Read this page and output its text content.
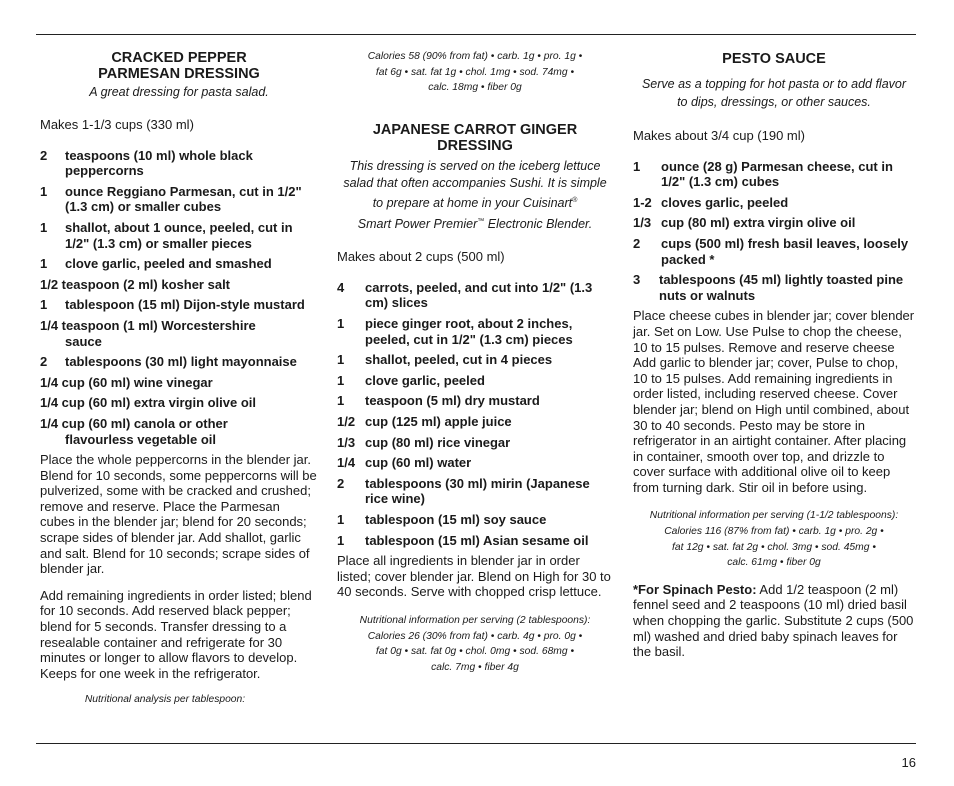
CRACKED PEPPER
PARMESAN DRESSING

A great dressing for pasta salad.

Makes 1-1/3 cups (330 ml)

2	teaspoons (10 ml) whole black peppercorns
1	ounce Reggiano Parmesan, cut in 1/2" (1.3 cm) or smaller cubes
1	shallot, about 1 ounce, peeled, cut in 1/2" (1.3 cm) or smaller pieces
1	clove garlic, peeled and smashed
1/2 teaspoon (2 ml) kosher salt
1	tablespoon (15 ml) Dijon-style mustard
1/4 teaspoon (1 ml) Worcestershire
sauce
2	tablespoons (30 ml) light mayonnaise
1/4 cup (60 ml) wine vinegar
1/4 cup (60 ml) extra virgin olive oil
1/4 cup (60 ml) canola or other
flavourless vegetable oil

Place the whole peppercorns in the blender jar. Blend for 10 seconds, some peppercorns will be pulverized, some with be cracked and crushed; remove and reserve. Place the Parmesan cubes in the blender jar; blend for 20 seconds; scrape sides of blender jar. Add shallot, garlic and salt. Blend for 10 seconds; scrape sides of blender jar.

Add remaining ingredients in order listed; blend for 10 seconds. Add reserved black pepper; blend for 5 seconds. Transfer dressing to a resealable container and refrigerate for 30 minutes or longer to allow flavors to develop. Keeps for one week in the refrigerator.

Nutritional analysis per tablespoon:

Calories 58 (90% from fat) • carb. 1g • pro. 1g •
fat 6g • sat. fat 1g • chol. 1mg • sod. 74mg •
calc. 18mg • fiber 0g

JAPANESE CARROT GINGER
DRESSING

This dressing is served on the iceberg lettuce
salad that often accompanies Sushi. It is simple
to prepare at home in your Cuisinart®
Smart Power Premier™ Electronic Blender.

Makes about 2 cups (500 ml)

4	carrots, peeled, and cut into 1/2" (1.3 cm) slices
1	piece ginger root, about 2 inches, peeled, cut in 1/2" (1.3 cm) pieces
1	shallot, peeled, cut in 4 pieces
1	clove garlic, peeled
1	teaspoon (5 ml) dry mustard
1/2 cup (125 ml) apple juice
1/3 cup (80 ml) rice vinegar
1/4 cup (60 ml) water
2	tablespoons (30 ml) mirin (Japanese rice wine)
1	tablespoon (15 ml) soy sauce
1	tablespoon (15 ml) Asian sesame oil

Place all ingredients in blender jar in order listed; cover blender jar. Blend on High for 30 to 40 seconds. Serve with chopped crisp lettuce.

Nutritional information per serving (2 tablespoons):
Calories 26 (30% from fat) • carb. 4g • pro. 0g •
fat 0g • sat. fat 0g • chol. 0mg • sod. 68mg •
calc. 7mg • fiber 4g

PESTO SAUCE

Serve as a topping for hot pasta or to add flavor
to dips, dressings, or other sauces.

Makes about 3/4 cup (190 ml)

1	ounce (28 g) Parmesan cheese, cut in 1/2" (1.3 cm) cubes
1-2 cloves garlic, peeled
1/3 cup (80 ml) extra virgin olive oil
2	cups (500 ml) fresh basil leaves, loosely packed *
3	tablespoons (45 ml) lightly toasted pine nuts or walnuts

Place cheese cubes in blender jar; cover blender jar. Set on Low. Use Pulse to chop the cheese, 10 to 15 pulses. Remove and reserve cheese Add garlic to blender jar; cover, Pulse to chop, 10 to 15 pulses. Add remaining ingredients in order listed, including reserved cheese. Cover blender jar; blend on High until combined, about 30 to 40 seconds. Pesto may be store in refrigerator in an airtight container. After placing in container, smooth over top, and drizzle to cover surface with additional olive oil to keep from turning dark. Stir oil in before using.

Nutritional information per serving (1-1/2 tablespoons):
Calories 116 (87% from fat) • carb. 1g • pro. 2g •
fat 12g • sat. fat 2g • chol. 3mg • sod. 45mg •
calc. 61mg • fiber 0g

*For Spinach Pesto: Add 1/2 teaspoon (2 ml) fennel seed and 2 teaspoons (10 ml) dried basil when chopping the garlic. Substitute 2 cups (500 ml) washed and dried baby spinach leaves for the basil.

16
